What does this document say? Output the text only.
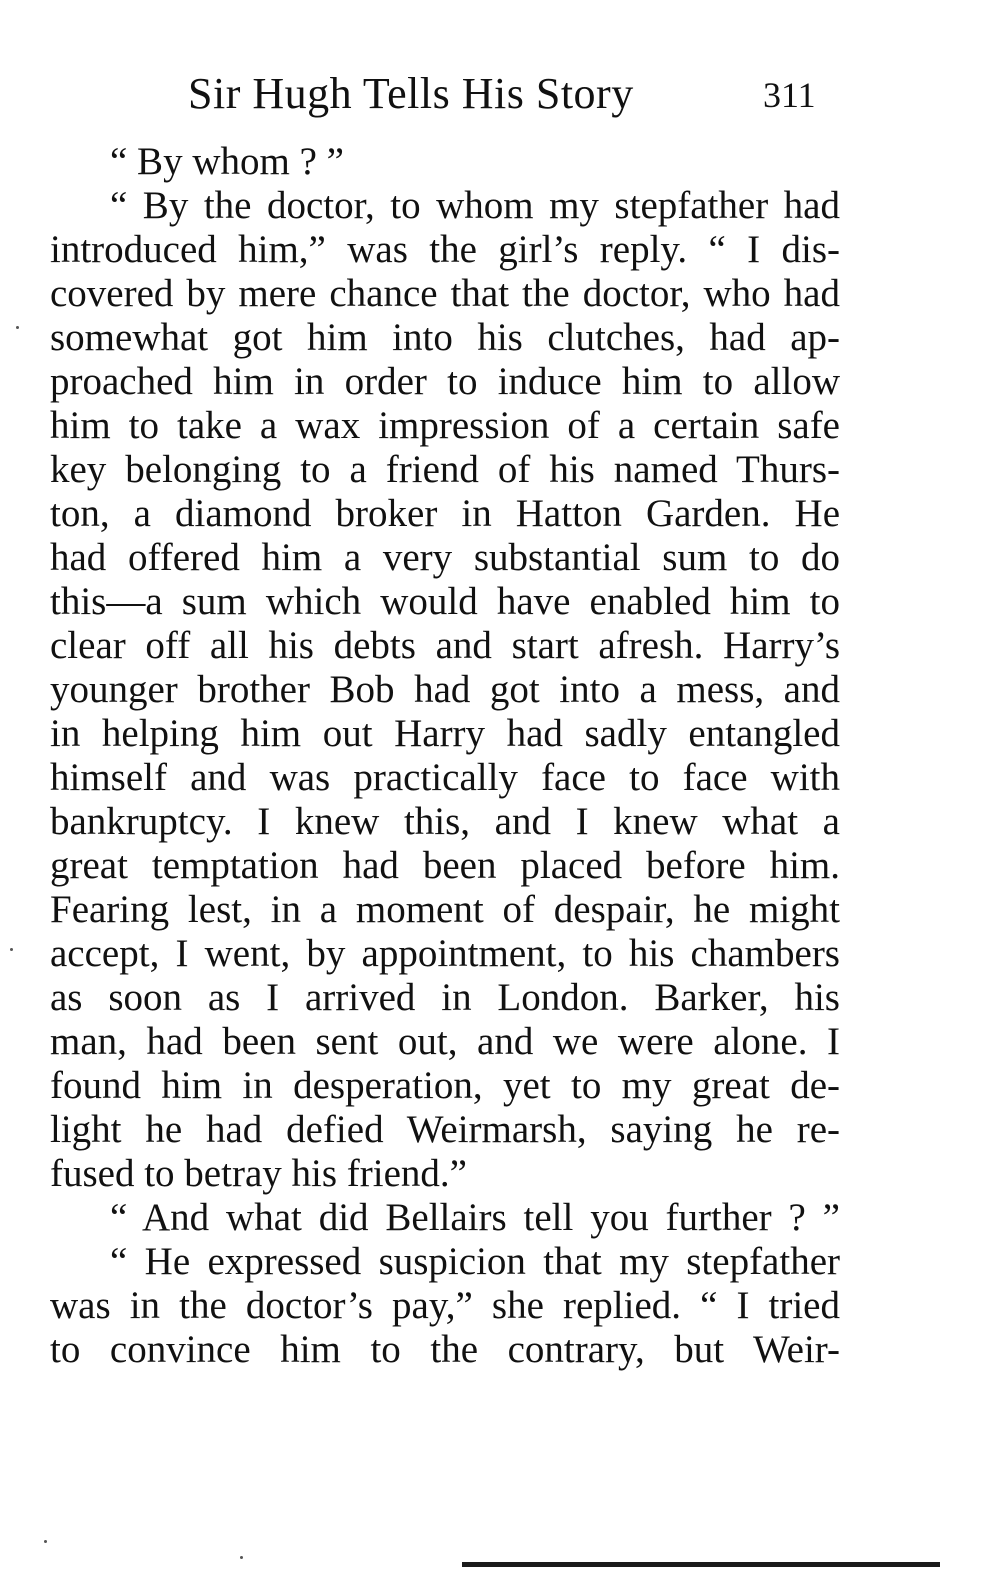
Sir Hugh Tells His Story	311
“ By whom ? ”
“ By the doctor, to whom my stepfather had
introduced him,” was the girl’s reply. “ I dis-
covered by mere chance that the doctor, who had
somewhat got him into his clutches, had ap-
proached him in order to induce him to allow
him to take a wax impression of a certain safe
key belonging to a friend of his named Thurs-
ton, a diamond broker in Hatton Garden. He
had offered him a very substantial sum to do
this—a sum which would have enabled him to
clear off all his debts and start afresh. Harry’s
younger brother Bob had got into a mess, and
in helping him out Harry had sadly entangled
himself and was practically face to face with
bankruptcy. I knew this, and I knew what a
great temptation had been placed before him.
Fearing lest, in a moment of despair, he might
accept, I went, by appointment, to his chambers
as soon as I arrived in London. Barker, his
man, had been sent out, and we were alone. I
found him in desperation, yet to my great de-
light he had defied Weirmarsh, saying he re-
fused to betray his friend.”
“ And what did Bellairs tell you further ? ”
“ He expressed suspicion that my stepfather
was in the doctor’s pay,” she replied. “ I tried
to convince him to the contrary, but Weir-
